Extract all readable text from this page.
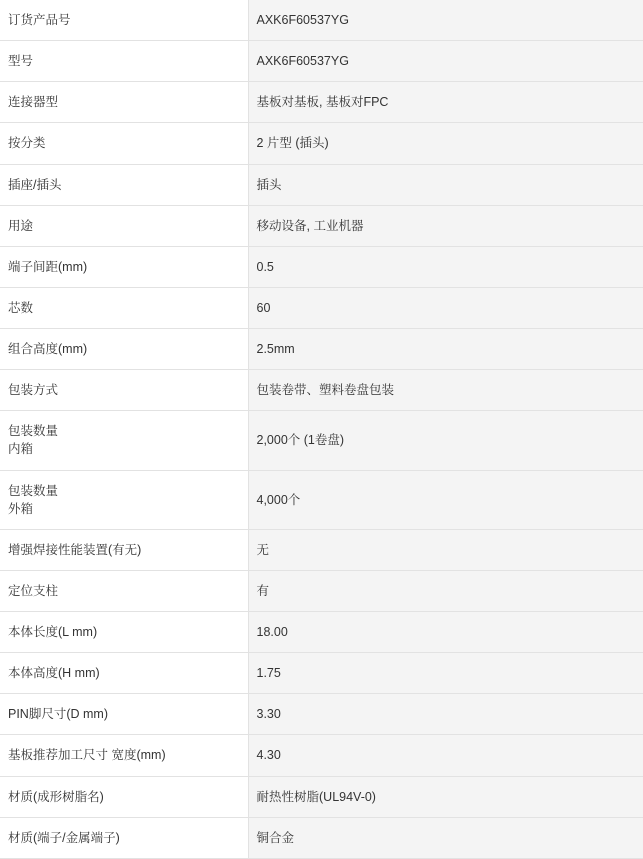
订货产品号	AXK6F60537YG
型号	AXK6F60537YG
连接器型	基板对基板, 基板对FPC
按分类	2 片型 (插头)
插座/插头	插头
用途	移动设备, 工业机器
端子间距(mm)	0.5
芯数	60
组合高度(mm)	2.5mm
包装方式	包装卷带、塑料卷盘包装
包装数量
内箱	2,000个 (1卷盘)
包装数量
外箱	4,000个
增强焊接性能装置(有无)	无
定位支柱	有
本体长度(L mm)	18.00
本体高度(H mm)	1.75
PIN脚尺寸(D mm)	3.30
基板推荐加工尺寸 宽度(mm)	4.30
材质(成形树脂名)	耐热性树脂(UL94V-0)
材质(端子/金属端子)	铜合金
